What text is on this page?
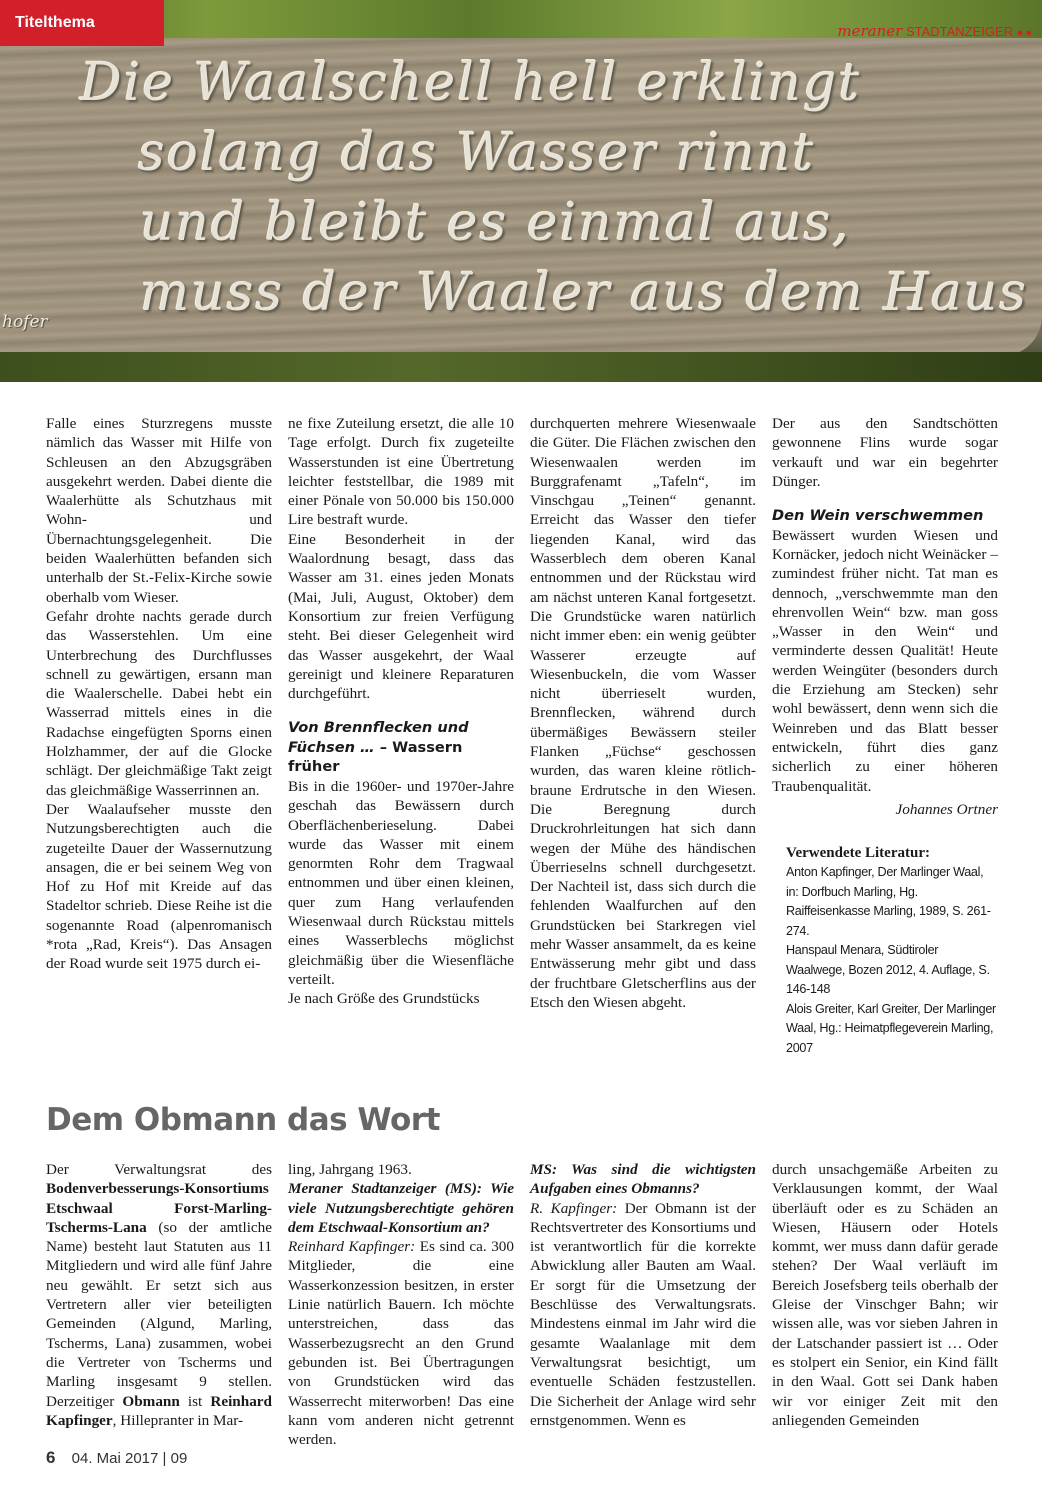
Die Waalschell hell erklingt
solang das Wasser rinnt
und bleibt es einmal aus,
muss der Waaler aus dem Haus
hofer
Titelthema	meraner STADTANZEIGER ●●

Falle eines Sturzregens musste nämlich das Wasser mit Hilfe von Schleusen an den Abzugsgräben ausgekehrt werden. Dabei diente die Waalerhütte als Schutzhaus mit Wohn- und Übernachtungsgelegenheit. Die beiden Waalerhütten befanden sich unterhalb der St.-Felix-Kirche sowie oberhalb vom Wieser.

Gefahr drohte nachts gerade durch das Wasserstehlen. Um eine Unterbrechung des Durchflusses schnell zu gewärtigen, ersann man die Waalerschelle. Dabei hebt ein Wasserrad mittels eines in die Radachse eingefügten Sporns einen Holzhammer, der auf die Glocke schlägt. Der gleichmäßige Takt zeigt das gleichmäßige Wasserrinnen an.

Der Waalaufseher musste den Nutzungsberechtigten auch die zugeteilte Dauer der Wassernutzung ansagen, die er bei seinem Weg von Hof zu Hof mit Kreide auf das Stadeltor schrieb. Diese Reihe ist die sogenannte Road (alpenromanisch *rota „Rad, Kreis“). Das Ansagen der Road wurde seit 1975 durch ei-

ne fixe Zuteilung ersetzt, die alle 10 Tage erfolgt. Durch fix zugeteilte Wasserstunden ist eine Übertretung leichter feststellbar, die 1989 mit einer Pönale von 50.000 bis 150.000 Lire bestraft wurde.

Eine Besonderheit in der Waalordnung besagt, dass das Wasser am 31. eines jeden Monats (Mai, Juli, August, Oktober) dem Konsortium zur freien Verfügung steht. Bei dieser Gelegenheit wird das Wasser ausgekehrt, der Waal gereinigt und kleinere Reparaturen durchgeführt.

Von Brennflecken und Füchsen … – Wassern früher

Bis in die 1960er- und 1970er-Jahre geschah das Bewässern durch Oberflächenberieselung. Dabei wurde das Wasser mit einem genormten Rohr dem Tragwaal entnommen und über einen kleinen, quer zum Hang verlaufenden Wiesenwaal durch Rückstau mittels eines Wasserblechs möglichst gleichmäßig über die Wiesenfläche verteilt.

Je nach Größe des Grundstücks

durchquerten mehrere Wiesenwaale die Güter. Die Flächen zwischen den Wiesenwaalen werden im Burggrafenamt „Tafeln“, im Vinschgau „Teinen“ genannt. Erreicht das Wasser den tiefer liegenden Kanal, wird das Wasserblech dem oberen Kanal entnommen und der Rückstau wird am nächst unteren Kanal fortgesetzt. Die Grundstücke waren natürlich nicht immer eben: ein wenig geübter Wasserer erzeugte auf Wiesenbuckeln, die vom Wasser nicht überrieselt wurden, Brennflecken, während durch übermäßiges Bewässern steiler Flanken „Füchse“ geschossen wurden, das waren kleine rötlich-braune Erdrutsche in den Wiesen. Die Beregnung durch Druckrohrleitungen hat sich dann wegen der Mühe des händischen Überrieselns schnell durchgesetzt. Der Nachteil ist, dass sich durch die fehlenden Waalfurchen auf den Grundstücken bei Starkregen viel mehr Wasser ansammelt, da es keine Entwässerung mehr gibt und dass der fruchtbare Gletscherflins aus der Etsch den Wiesen abgeht.

Der aus den Sandtschötten gewonnene Flins wurde sogar verkauft und war ein begehrter Dünger.

Den Wein verschwemmen

Bewässert wurden Wiesen und Kornäcker, jedoch nicht Weinäcker – zumindest früher nicht. Tat man es dennoch, „verschwemmte man den ehrenvollen Wein“ bzw. man goss „Wasser in den Wein“ und verminderte dessen Qualität! Heute werden Weingüter (besonders durch die Erziehung am Stecken) sehr wohl bewässert, denn wenn sich die Weinreben und das Blatt besser entwickeln, führt dies ganz sicherlich zu einer höheren Traubenqualität.

Johannes Ortner

Verwendete Literatur:
Anton Kapfinger, Der Marlinger Waal, in: Dorfbuch Marling, Hg. Raiffeisenkasse Marling, 1989, S. 261-274.
Hanspaul Menara, Südtiroler Waalwege, Bozen 2012, 4. Auflage, S. 146-148
Alois Greiter, Karl Greiter, Der Marlinger Waal, Hg.: Heimatpflegeverein Marling, 2007
Dem Obmann das Wort

Der Verwaltungsrat des Bodenverbesserungs-Konsortiums Etschwaal Forst-Marling-Tscherms-Lana (so der amtliche Name) besteht laut Statuten aus 11 Mitgliedern und wird alle fünf Jahre neu gewählt. Er setzt sich aus Vertretern aller vier beteiligten Gemeinden (Algund, Marling, Tscherms, Lana) zusammen, wobei die Vertreter von Tscherms und Marling insgesamt 9 stellen. Derzeitiger Obmann ist Reinhard Kapfinger, Hillepranter in Mar-

ling, Jahrgang 1963.

Meraner Stadtanzeiger (MS): Wie viele Nutzungsberechtigte gehören dem Etschwaal-Konsortium an?

Reinhard Kapfinger: Es sind ca. 300 Mitglieder, die eine Wasserkonzession besitzen, in erster Linie natürlich Bauern. Ich möchte unterstreichen, dass das Wasserbezugsrecht an den Grund gebunden ist. Bei Übertragungen von Grundstücken wird das Wasserrecht miterworben! Das eine kann vom anderen nicht getrennt werden.

MS: Was sind die wichtigsten Aufgaben eines Obmanns?

R. Kapfinger: Der Obmann ist der Rechtsvertreter des Konsortiums und ist verantwortlich für die korrekte Abwicklung aller Bauten am Waal. Er sorgt für die Umsetzung der Beschlüsse des Verwaltungsrats. Mindestens einmal im Jahr wird die gesamte Waalanlage mit dem Verwaltungsrat besichtigt, um eventuelle Schäden festzustellen. Die Sicherheit der Anlage wird sehr ernstgenommen. Wenn es

durch unsachgemäße Arbeiten zu Verklausungen kommt, der Waal überläuft oder es zu Schäden an Wiesen, Häusern oder Hotels kommt, wer muss dann dafür gerade stehen? Der Waal verläuft im Bereich Josefsberg teils oberhalb der Gleise der Vinschger Bahn; wir wissen alle, was vor sieben Jahren in der Latschander passiert ist … Oder es stolpert ein Senior, ein Kind fällt in den Waal. Gott sei Dank haben wir vor einiger Zeit mit den anliegenden Gemeinden

6 04. Mai 2017 | 09
